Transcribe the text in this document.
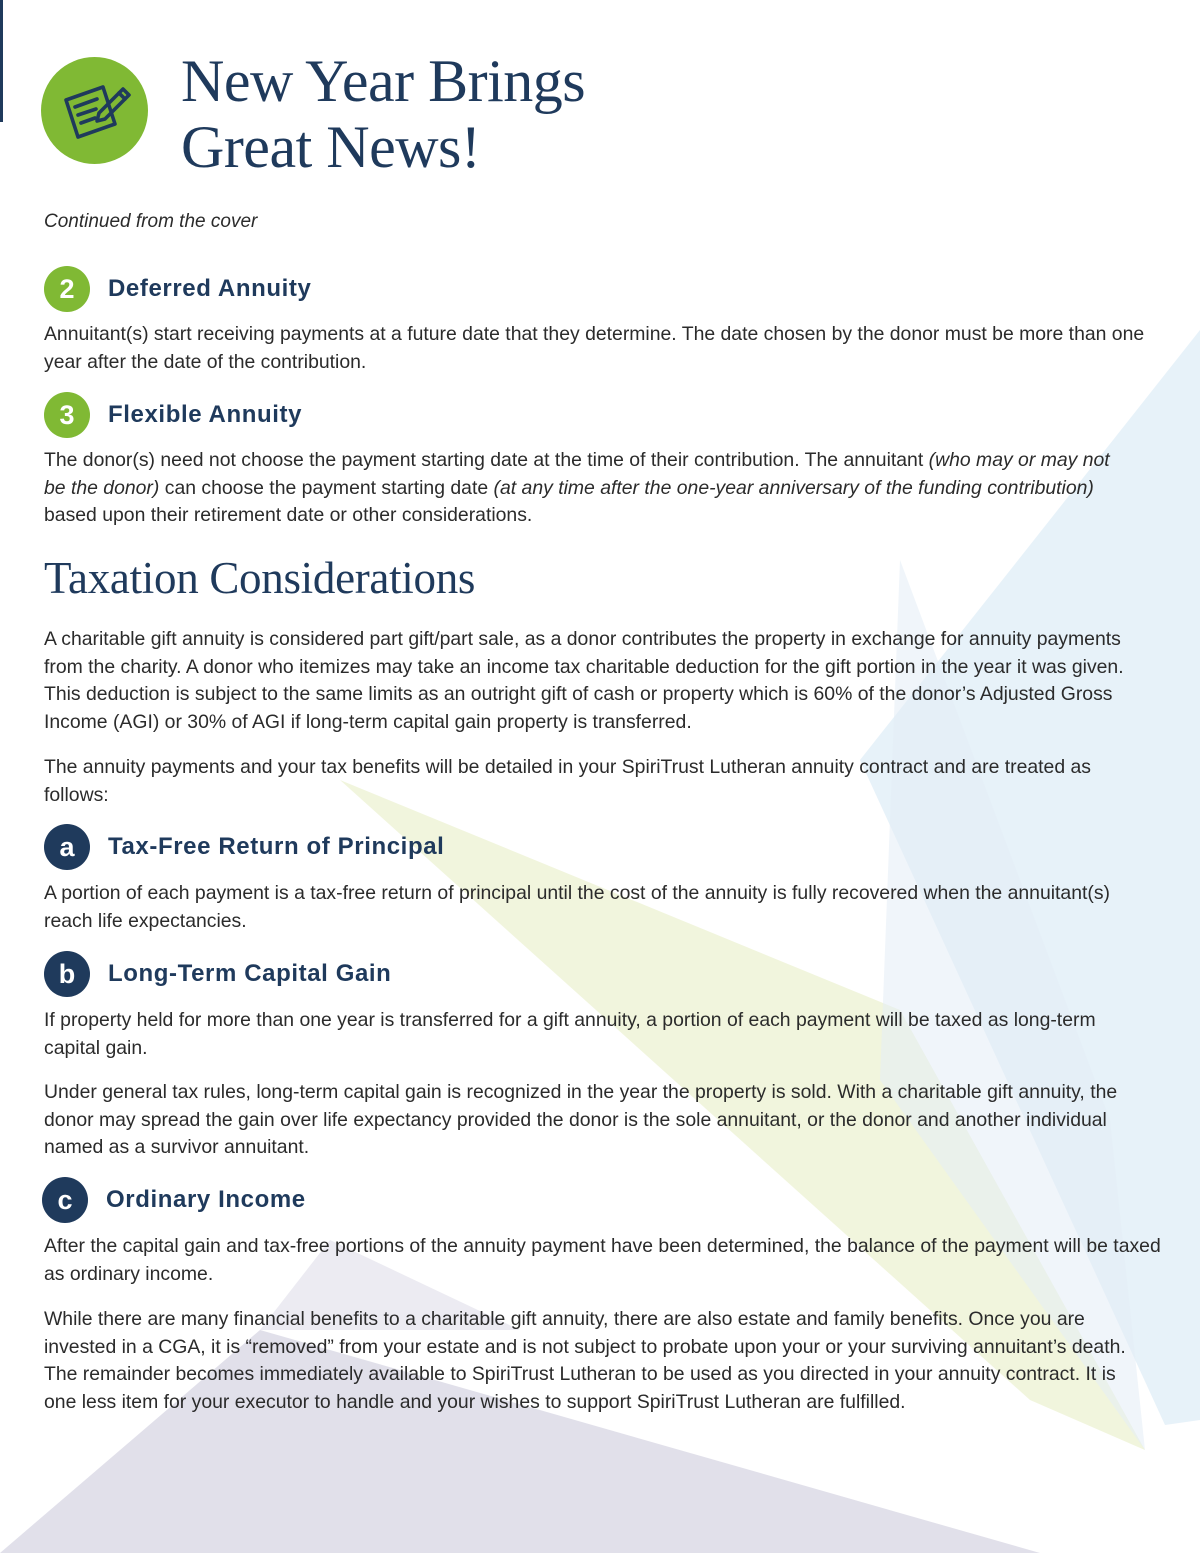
New Year Brings
Great News!
Continued from the cover
2	Deferred Annuity

Annuitant(s) start receiving payments at a future date that they determine. The date chosen by the donor must be more than one year after the date of the contribution.

3	Flexible Annuity

The donor(s) need not choose the payment starting date at the time of their contribution. The annuitant (who may or may not be the donor) can choose the payment starting date (at any time after the one-year anniversary of the funding contribution) based upon their retirement date or other considerations.

Taxation Considerations

A charitable gift annuity is considered part gift/part sale, as a donor contributes the property in exchange for annuity payments from the charity. A donor who itemizes may take an income tax charitable deduction for the gift portion in the year it was given. This deduction is subject to the same limits as an outright gift of cash or property which is 60% of the donor’s Adjusted Gross Income (AGI) or 30% of AGI if long-term capital gain property is transferred.

The annuity payments and your tax benefits will be detailed in your SpiriTrust Lutheran annuity contract and are treated as follows:

a	Tax-Free Return of Principal

A portion of each payment is a tax-free return of principal until the cost of the annuity is fully recovered when the annuitant(s) reach life expectancies.

b	Long-Term Capital Gain

If property held for more than one year is transferred for a gift annuity, a portion of each payment will be taxed as long-term capital gain.

Under general tax rules, long-term capital gain is recognized in the year the property is sold. With a charitable gift annuity, the donor may spread the gain over life expectancy provided the donor is the sole annuitant, or the donor and another individual named as a survivor annuitant.

c	Ordinary Income

After the capital gain and tax-free portions of the annuity payment have been determined, the balance of the payment will be taxed as ordinary income.

While there are many financial benefits to a charitable gift annuity, there are also estate and family benefits. Once you are invested in a CGA, it is “removed” from your estate and is not subject to probate upon your or your surviving annuitant’s death. The remainder becomes immediately available to SpiriTrust Lutheran to be used as you directed in your annuity contract. It is one less item for your executor to handle and your wishes to support SpiriTrust Lutheran are fulfilled.
